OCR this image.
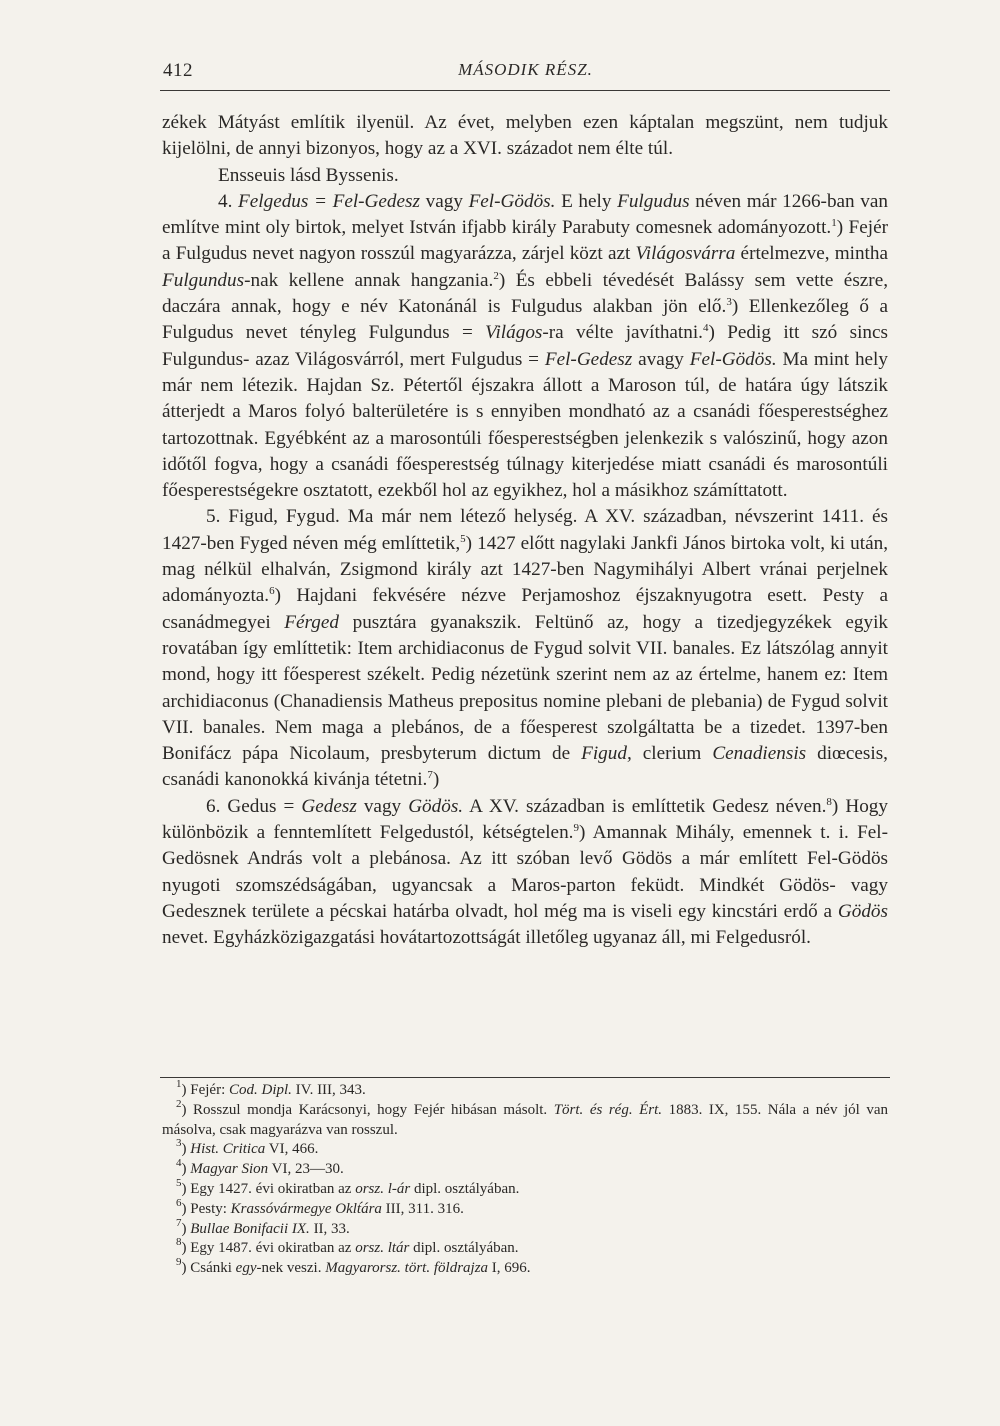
412	MÁSODIK RÉSZ.

zékek Mátyást említik ilyenül. Az évet, melyben ezen káptalan megszünt, nem tudjuk kijelölni, de annyi bizonyos, hogy az a XVI. századot nem élte túl.

Ensseuis lásd Byssenis.

4. Felgedus = Fel-Gedesz vagy Fel-Gödös. E hely Fulgudus néven már 1266-ban van említve mint oly birtok, melyet István ifjabb király Parabuty comesnek adományozott.$^1$) Fejér a Fulgudus nevet nagyon rosszúl magyarázza, zárjel közt azt Világosvárra értelmezve, mintha Fulgundus-nak kellene annak hangzania.$^2$) És ebbeli tévedését Balássy sem vette észre, daczára annak, hogy e név Katonánál is Fulgudus alakban jön elő.$^3$) Ellenkezőleg ő a Fulgudus nevet tényleg Fulgundus = Világos-ra vélte javíthatni.$^4$) Pedig itt szó sincs Fulgundus- azaz Világosvárról, mert Fulgudus = Fel-Gedesz avagy Fel-Gödös. Ma mint hely már nem létezik. Hajdan Sz. Pétertől éjszakra állott a Maroson túl, de határa úgy látszik átterjedt a Maros folyó balterületére is s ennyiben mondható az a csanádi főesperestséghez tartozottnak. Egyébként az a marosontúli főesperestségben jelenkezik s valószinű, hogy azon időtől fogva, hogy a csanádi főesperestség túlnagy kiterjedése miatt csanádi és marosontúli főesperestségekre osztatott, ezekből hol az egyikhez, hol a másikhoz számíttatott.

5. Figud, Fygud. Ma már nem létező helység. A XV. században, névszerint 1411. és 1427-ben Fyged néven még említtetik,$^5$) 1427 előtt nagylaki Jankfi János birtoka volt, ki után, mag nélkül elhalván, Zsigmond király azt 1427-ben Nagymihályi Albert vránai perjelnek adományozta.$^6$) Hajdani fekvésére nézve Perjamoshoz éjszaknyugotra esett. Pesty a csanádmegyei Férged pusztára gyanakszik. Feltünő az, hogy a tizedjegyzékek egyik rovatában így említtetik: Item archidiaconus de Fygud solvit VII. banales. Ez látszólag annyit mond, hogy itt főesperest székelt. Pedig nézetünk szerint nem az az értelme, hanem ez: Item archidiaconus (Chanadiensis Matheus prepositus nomine plebani de plebania) de Fygud solvit VII. banales. Nem maga a plebános, de a főesperest szolgáltatta be a tizedet. 1397-ben Bonifácz pápa Nicolaum, presbyterum dictum de Figud, clerium Cenadiensis diœcesis, csanádi kanonokká kivánja tétetni.$^7$)

6. Gedus = Gedesz vagy Gödös. A XV. században is említtetik Gedesz néven.$^8$) Hogy különbözik a fenntemlített Felgedustól, kétségtelen.$^9$) Amannak Mihály, emennek t. i. Fel-Gedösnek András volt a plebánosa. Az itt szóban levő Gödös a már említett Fel-Gödös nyugoti szomszédságában, ugyancsak a Maros-parton feküdt. Mindkét Gödös- vagy Gedesznek területe a pécskai határba olvadt, hol még ma is viseli egy kincstári erdő a Gödös nevet. Egyházközigazgatási hovátartozottságát illetőleg ugyanaz áll, mi Felgedusról.

$^1$) Fejér: Cod. Dipl. IV. III, 343.

$^2$) Rosszul mondja Karácsonyi, hogy Fejér hibásan másolt. Tört. és rég. Ért. 1883. IX, 155. Nála a név jól van másolva, csak magyarázva van rosszul.

$^3$) Hist. Critica VI, 466.

$^4$) Magyar Sion VI, 23—30.

$^5$) Egy 1427. évi okiratban az orsz. l-ár dipl. osztályában.

$^6$) Pesty: Krassóvármegye Oklt́ára III, 311. 316.

$^7$) Bullae Bonifacii IX. II, 33.

$^8$) Egy 1487. évi okiratban az orsz. ltár dipl. osztályában.

$^9$) Csánki egy-nek veszi. Magyarorsz. tört. földrajza I, 696.
